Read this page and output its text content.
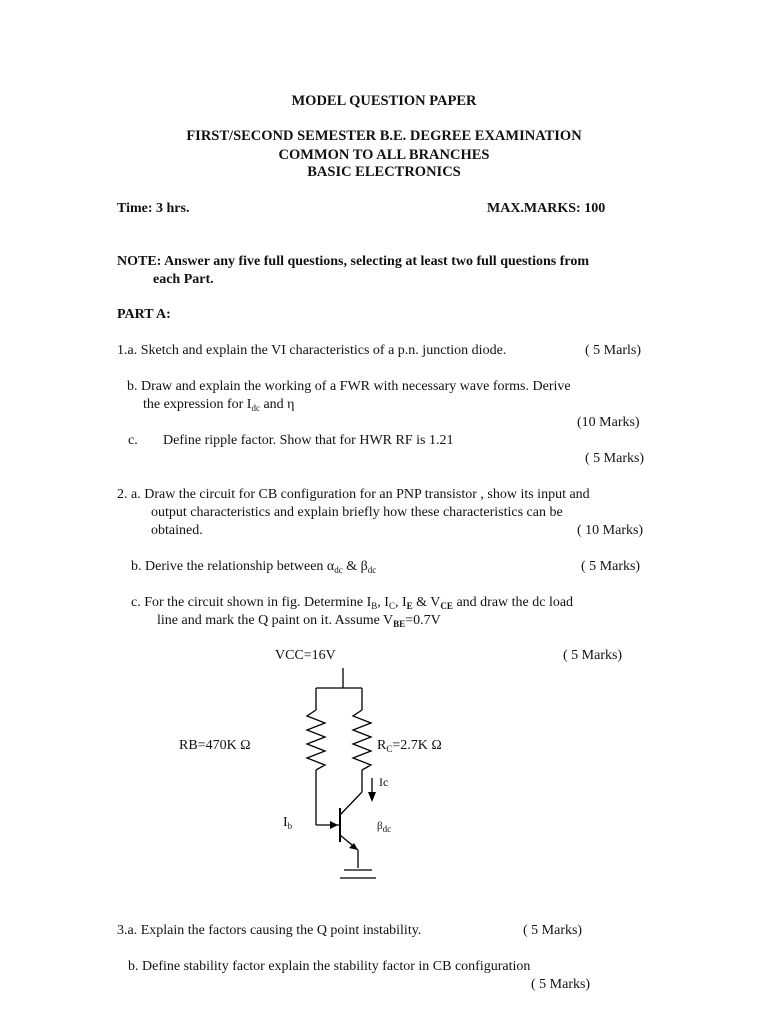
MODEL QUESTION PAPER
FIRST/SECOND SEMESTER B.E. DEGREE EXAMINATION
COMMON TO ALL BRANCHES
BASIC ELECTRONICS
Time: 3 hrs.	MAX.MARKS: 100
NOTE: Answer any five full questions, selecting at least two full questions from
each Part.
PART A:
1.a. Sketch and explain the VI characteristics of a p.n. junction diode.	( 5 Marls)
b. Draw and explain the working of a FWR with necessary wave forms. Derive
the expression for $I_{dc}$ and η
(10 Marks)
c. Define ripple factor. Show that for HWR RF is 1.21
( 5 Marks)
2. a. Draw the circuit for CB configuration for an PNP transistor , show its input and
output characteristics and explain briefly how these characteristics can be
obtained.	( 10 Marks)
b. Derive the relationship between $\alpha_{dc}$ & $\beta_{dc}$	( 5 Marks)
c. For the circuit shown in fig. Determine $I_B$, $I_C$, $I_E$ & $V_{CE}$ and draw the dc load
line and mark the Q paint on it. Assume $V_{BE}=0.7V$
VCC=16V	( 5 Marks)
RB=470K Ω	$R_C=2.7K$ Ω
Ic
$I_b$	$\beta_{dc}$
3.a. Explain the factors causing the Q point instability.	( 5 Marks)
b. Define stability factor explain the stability factor in CB configuration
( 5 Marks)
